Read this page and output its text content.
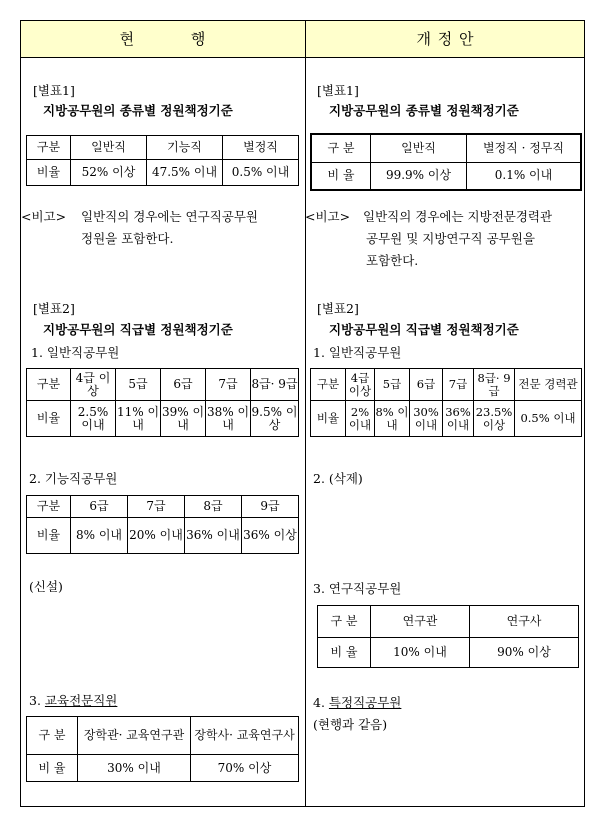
현 행	개 정 안
[별표1]
지방공무원의 종류별 정원책정기준
구분	일반직	기능직	별정직
비율	52% 이상	47.5% 이내	0.5% 이내
<비고> 일반직의 경우에는 연구직공무원
정원을 포함한다.
[별표2]
지방공무원의 직급별 정원책정기준
1. 일반직공무원
구분	4급 이상	5급	6급	7급	8급· 9급
비율	2.5% 이내	11% 이내	39% 이내	38% 이내	9.5% 이상
2. 기능직공무원
구분	6급	7급	8급	9급
비율	8% 이내	20% 이내	36% 이내	36% 이상
(신설)
3. 교육전문직원
구 분	장학관· 교육연구관	장학사· 교육연구사
비 율	30% 이내	70% 이상
[별표1]
지방공무원의 종류별 정원책정기준
구 분	일반직	별정직 · 정무직
비 율	99.9% 이상	0.1% 이내
<비고> 일반직의 경우에는 지방전문경력관
공무원 및 지방연구직 공무원을
포함한다.
[별표2]
지방공무원의 직급별 정원책정기준
1. 일반직공무원
구분	4급 이상	5급	6급	7급	8급· 9급	전문 경력관
비율	2% 이내	8% 이내	30% 이내	36% 이내	23.5% 이상	0.5% 이내
2. (삭제)
3. 연구직공무원
구 분	연구관	연구사
비 율	10% 이내	90% 이상
4. 특정직공무원
(현행과 같음)
